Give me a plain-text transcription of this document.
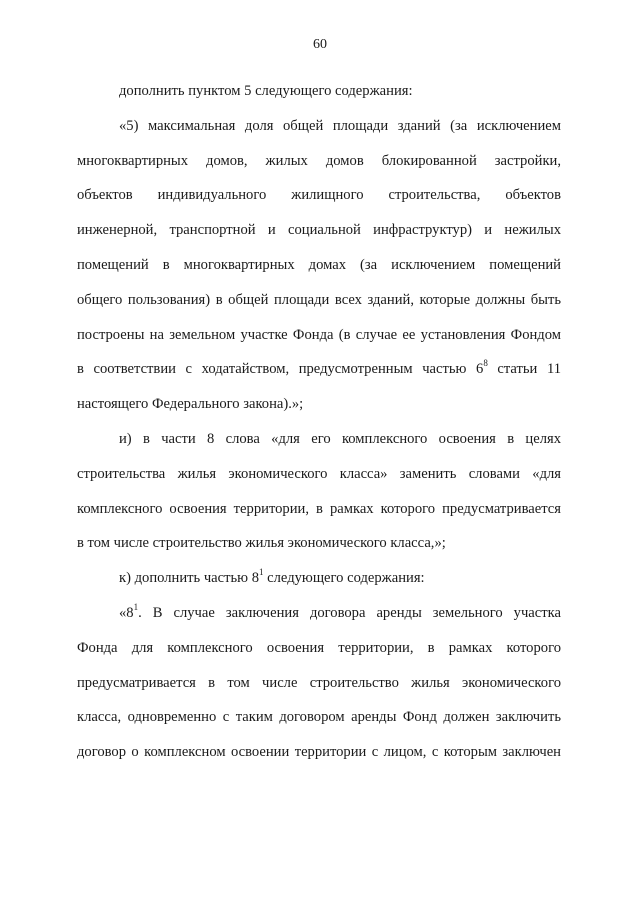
60
дополнить пунктом 5 следующего содержания:
«5) максимальная доля общей площади зданий (за исключением
многоквартирных домов, жилых домов блокированной застройки,
объектов индивидуального жилищного строительства, объектов
инженерной, транспортной и социальной инфраструктур) и нежилых
помещений в многоквартирных домах (за исключением помещений
общего пользования) в общей площади всех зданий, которые должны быть
построены на земельном участке Фонда (в случае ее установления Фондом
в соответствии с ходатайством, предусмотренным частью $6^8$ статьи 11
настоящего Федерального закона).»;
и) в части 8 слова «для его комплексного освоения в целях
строительства жилья экономического класса» заменить словами «для
комплексного освоения территории, в рамках которого предусматривается
в том числе строительство жилья экономического класса,»;
к) дополнить частью $8^1$ следующего содержания:
«$8^1$. В случае заключения договора аренды земельного участка
Фонда для комплексного освоения территории, в рамках которого
предусматривается в том числе строительство жилья экономического
класса, одновременно с таким договором аренды Фонд должен заключить
договор о комплексном освоении территории с лицом, с которым заключен
